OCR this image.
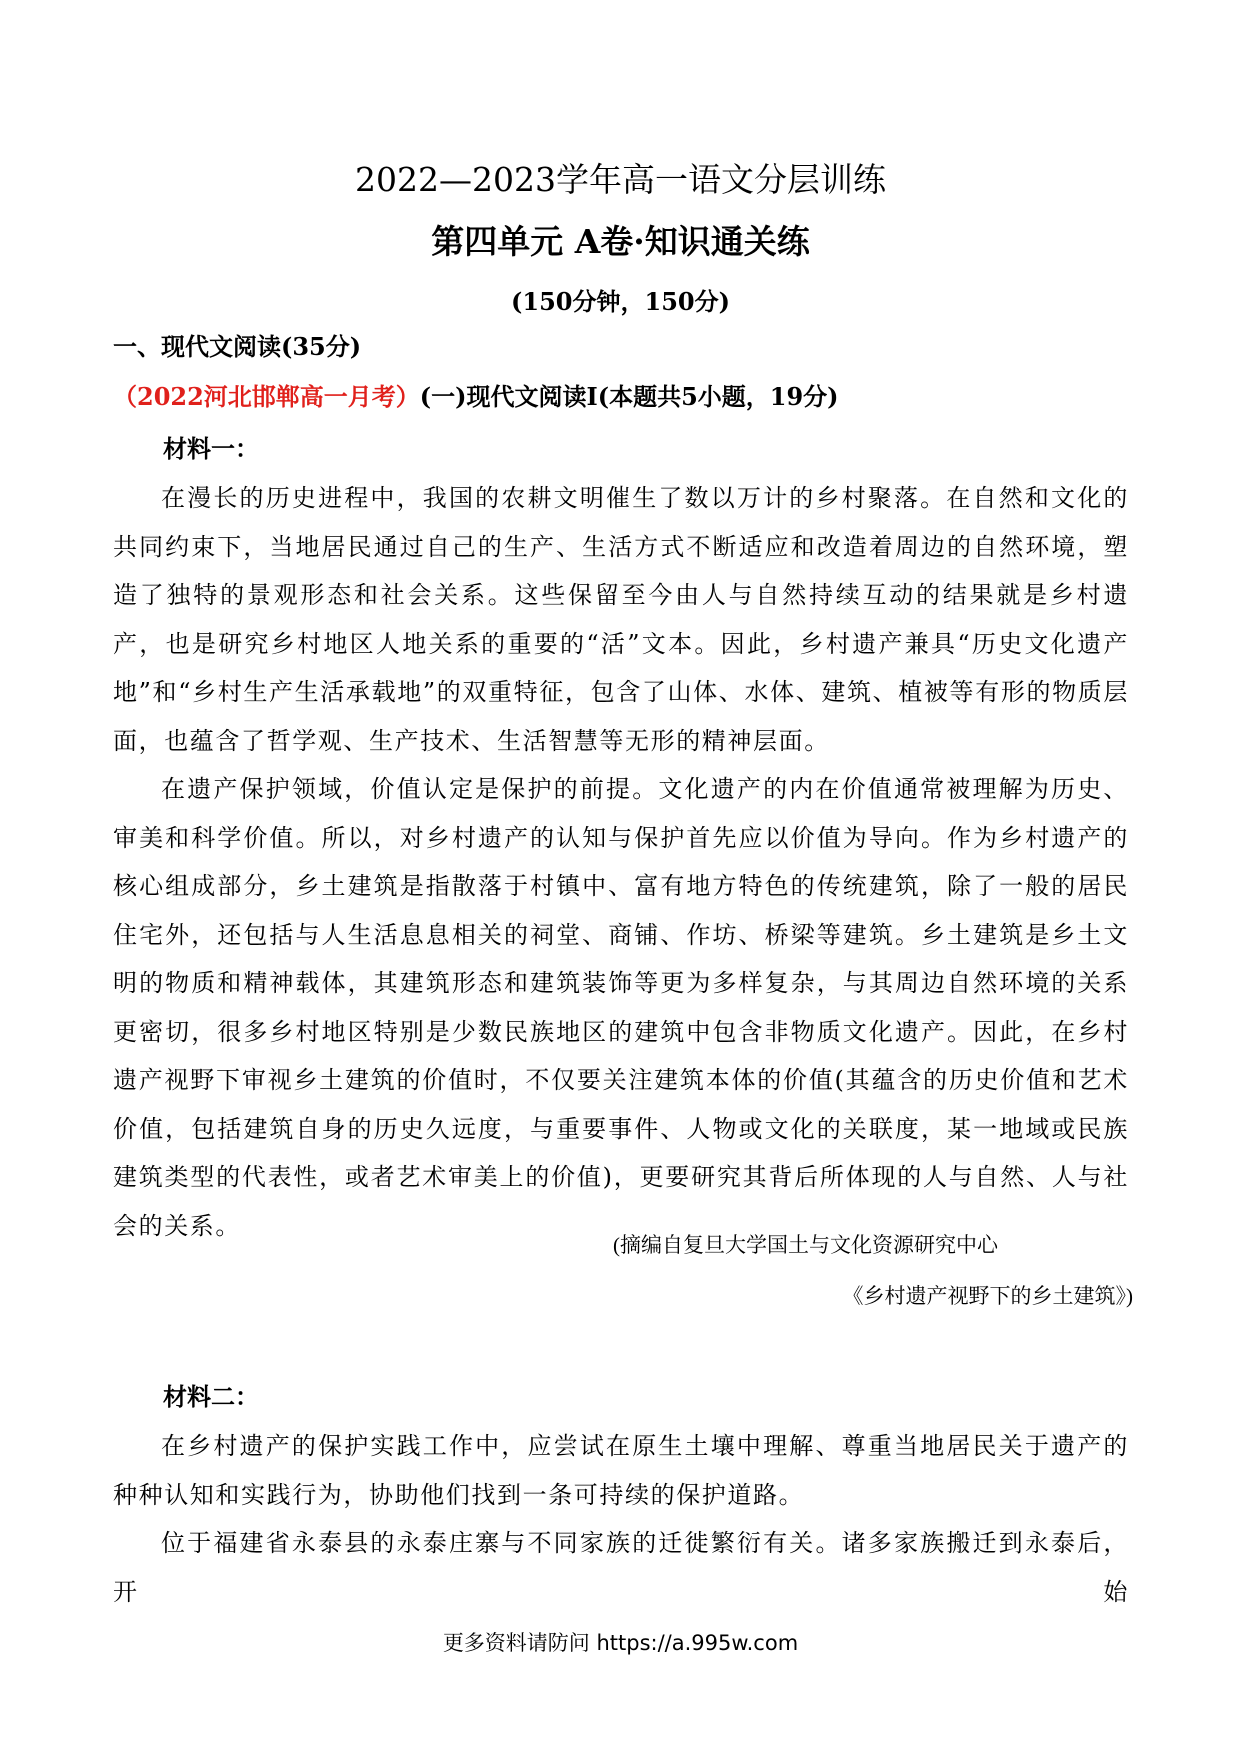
2022—2023学年高一语文分层训练
第四单元 A卷·知识通关练
(150分钟，150分)
一、现代文阅读(35分)
（2022河北邯郸高一月考）(一)现代文阅读Ⅰ(本题共5小题，19分)
材料一：
在漫长的历史进程中，我国的农耕文明催生了数以万计的乡村聚落。在自然和文化的共同约束下，当地居民通过自己的生产、生活方式不断适应和改造着周边的自然环境，塑造了独特的景观形态和社会关系。这些保留至今由人与自然持续互动的结果就是乡村遗产，也是研究乡村地区人地关系的重要的“活”文本。因此，乡村遗产兼具“历史文化遗产地”和“乡村生产生活承载地”的双重特征，包含了山体、水体、建筑、植被等有形的物质层面，也蕴含了哲学观、生产技术、生活智慧等无形的精神层面。
在遗产保护领域，价值认定是保护的前提。文化遗产的内在价值通常被理解为历史、审美和科学价值。所以，对乡村遗产的认知与保护首先应以价值为导向。作为乡村遗产的核心组成部分，乡土建筑是指散落于村镇中、富有地方特色的传统建筑，除了一般的居民住宅外，还包括与人生活息息相关的祠堂、商铺、作坊、桥梁等建筑。乡土建筑是乡土文明的物质和精神载体，其建筑形态和建筑装饰等更为多样复杂，与其周边自然环境的关系更密切，很多乡村地区特别是少数民族地区的建筑中包含非物质文化遗产。因此，在乡村遗产视野下审视乡土建筑的价值时，不仅要关注建筑本体的价值(其蕴含的历史价值和艺术价值，包括建筑自身的历史久远度，与重要事件、人物或文化的关联度，某一地域或民族建筑类型的代表性，或者艺术审美上的价值)，更要研究其背后所体现的人与自然、人与社会的关系。
(摘编自复旦大学国土与文化资源研究中心
《乡村遗产视野下的乡土建筑》)
材料二：
在乡村遗产的保护实践工作中，应尝试在原生土壤中理解、尊重当地居民关于遗产的种种认知和实践行为，协助他们找到一条可持续的保护道路。
位于福建省永泰县的永泰庄寨与不同家族的迁徙繁衍有关。诸多家族搬迁到永泰后，开始
更多资料请防问 https://a.995w.com
